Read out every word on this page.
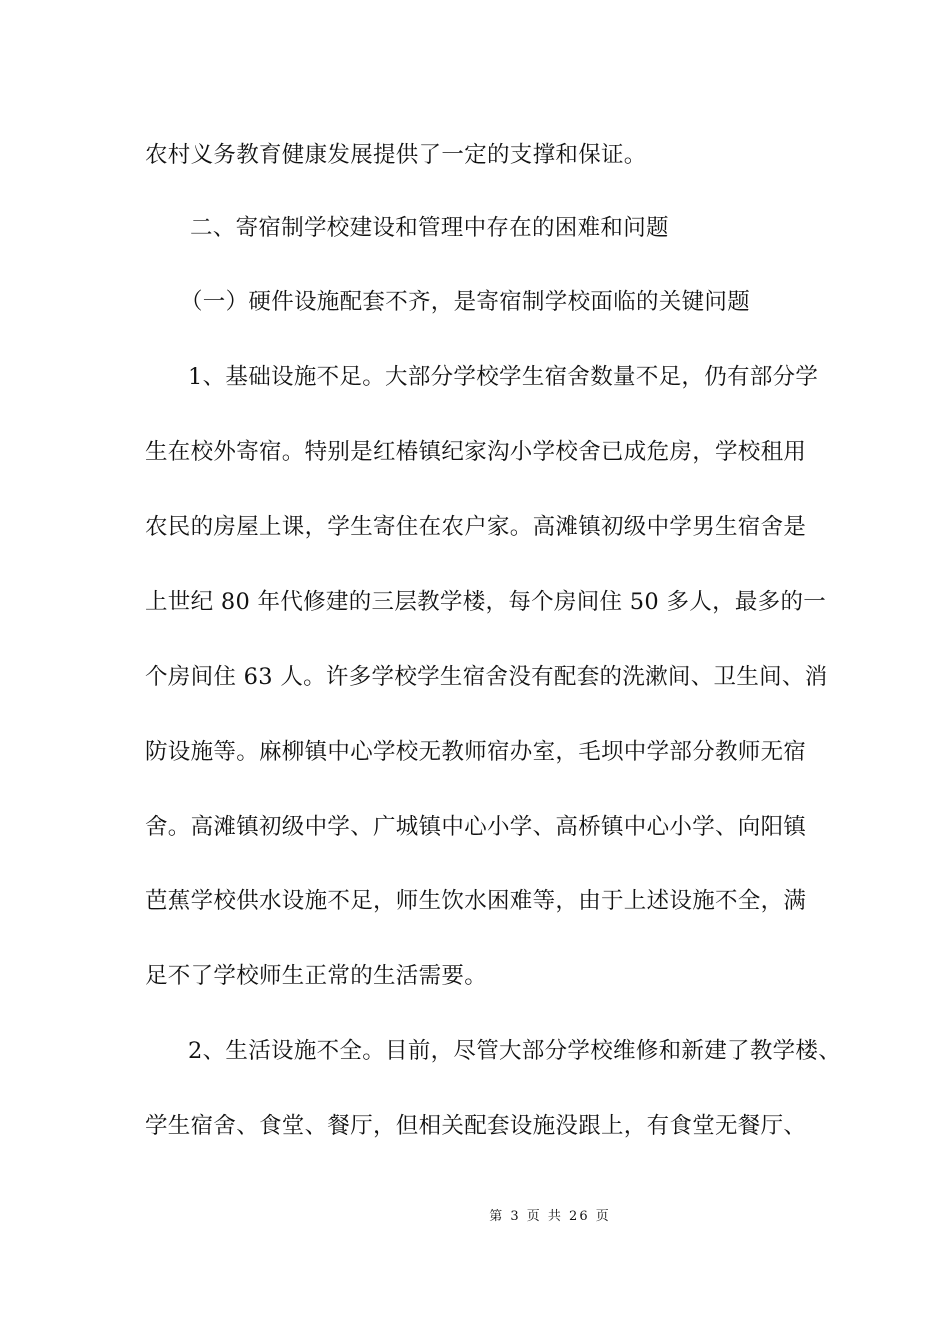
农村义务教育健康发展提供了一定的支撑和保证。
二、寄宿制学校建设和管理中存在的困难和问题
（一）硬件设施配套不齐，是寄宿制学校面临的关键问题
1、基础设施不足。大部分学校学生宿舍数量不足，仍有部分学
生在校外寄宿。特别是红椿镇纪家沟小学校舍已成危房，学校租用
农民的房屋上课，学生寄住在农户家。高滩镇初级中学男生宿舍是
上世纪 80 年代修建的三层教学楼，每个房间住 50 多人，最多的一
个房间住 63 人。许多学校学生宿舍没有配套的洗漱间、卫生间、消
防设施等。麻柳镇中心学校无教师宿办室，毛坝中学部分教师无宿
舍。高滩镇初级中学、广城镇中心小学、高桥镇中心小学、向阳镇
芭蕉学校供水设施不足，师生饮水困难等，由于上述设施不全，满
足不了学校师生正常的生活需要。
2、生活设施不全。目前，尽管大部分学校维修和新建了教学楼、
学生宿舍、食堂、餐厅，但相关配套设施没跟上，有食堂无餐厅、
第 3 页 共 26 页
